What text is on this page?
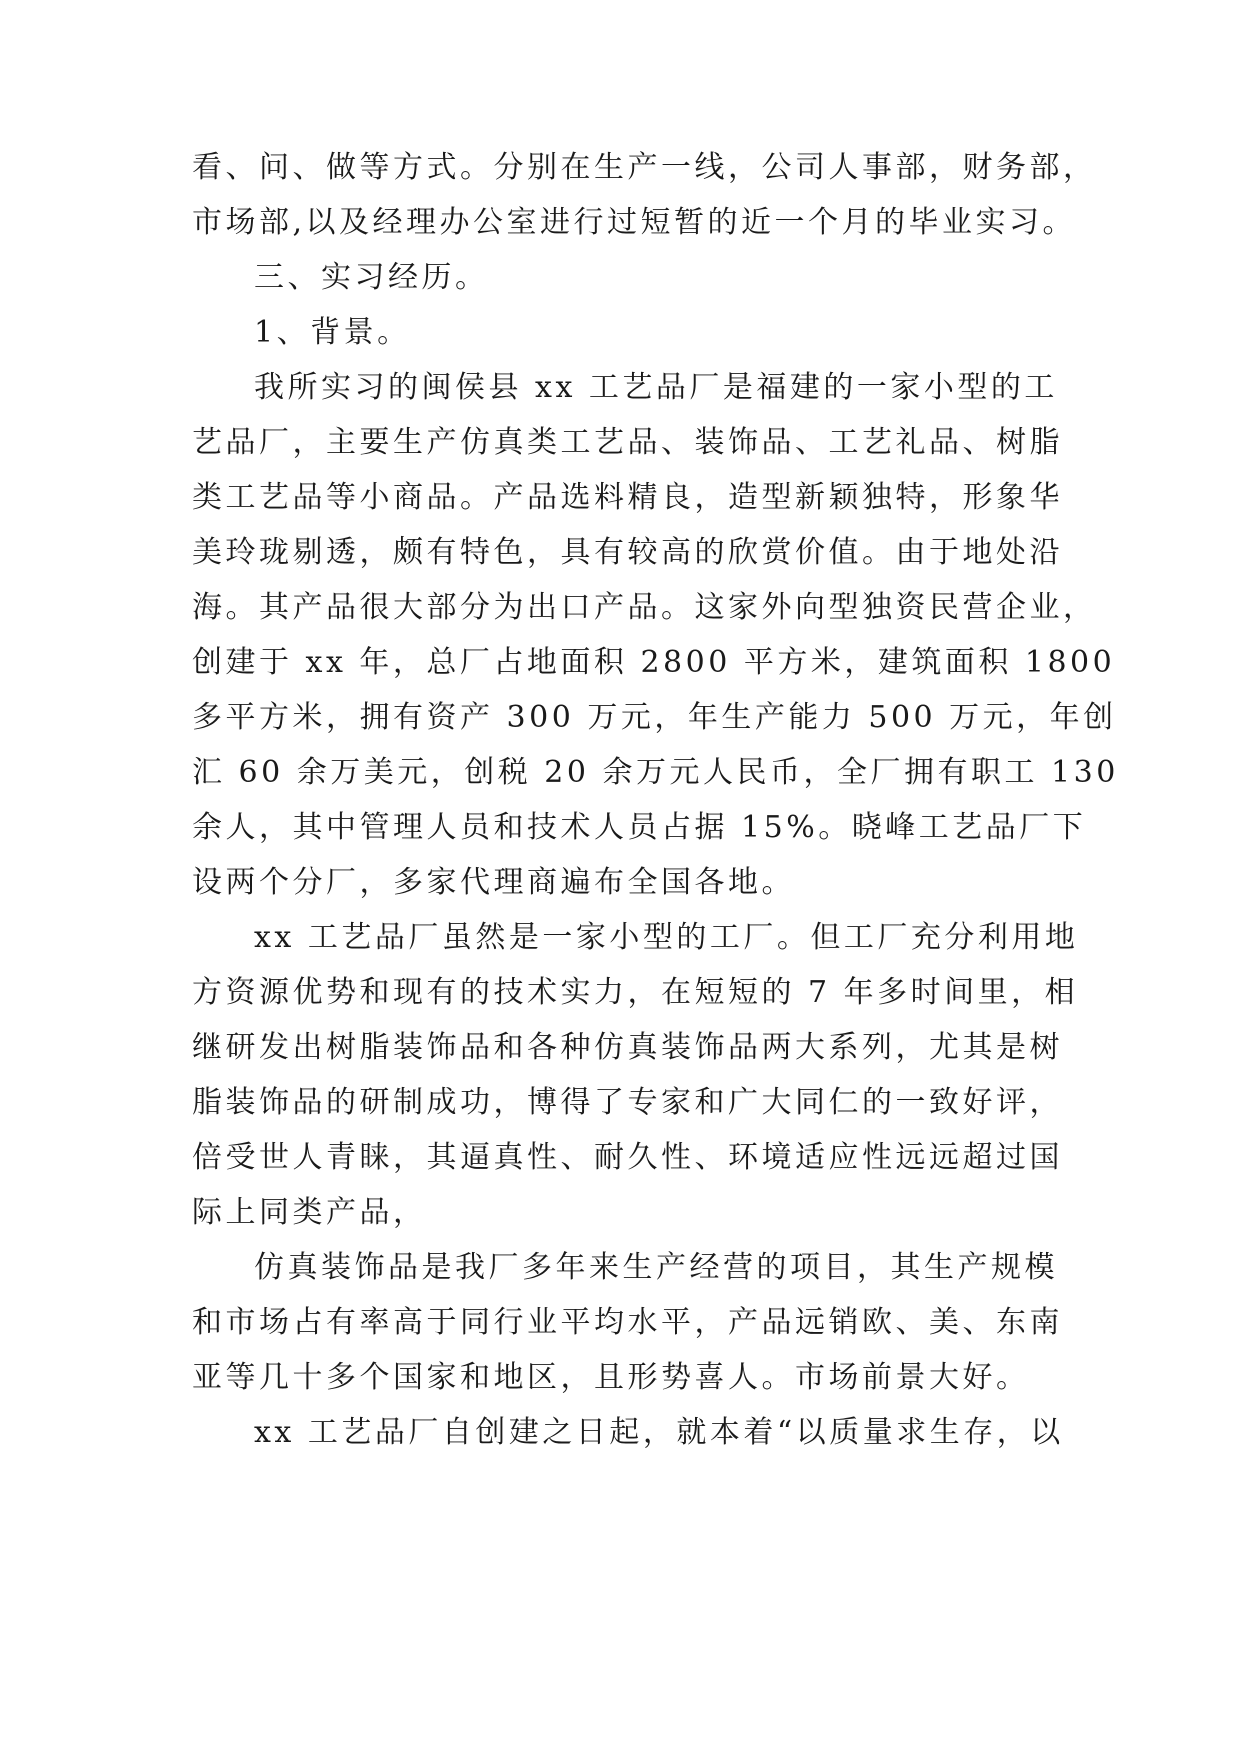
看、问、做等方式。分别在生产一线，公司人事部，财务部，
市场部,以及经理办公室进行过短暂的近一个月的毕业实习。
三、实习经历。
1、背景。
我所实习的闽侯县 xx 工艺品厂是福建的一家小型的工
艺品厂，主要生产仿真类工艺品、装饰品、工艺礼品、树脂
类工艺品等小商品。产品选料精良，造型新颖独特，形象华
美玲珑剔透，颇有特色，具有较高的欣赏价值。由于地处沿
海。其产品很大部分为出口产品。这家外向型独资民营企业，
创建于 xx 年，总厂占地面积 2800 平方米，建筑面积 1800
多平方米，拥有资产 300 万元，年生产能力 500 万元，年创
汇 60 余万美元，创税 20 余万元人民币，全厂拥有职工 130
余人，其中管理人员和技术人员占据 15%。晓峰工艺品厂下
设两个分厂，多家代理商遍布全国各地。
xx 工艺品厂虽然是一家小型的工厂。但工厂充分利用地
方资源优势和现有的技术实力，在短短的 7 年多时间里，相
继研发出树脂装饰品和各种仿真装饰品两大系列，尤其是树
脂装饰品的研制成功，博得了专家和广大同仁的一致好评，
倍受世人青睐，其逼真性、耐久性、环境适应性远远超过国
际上同类产品，
仿真装饰品是我厂多年来生产经营的项目，其生产规模
和市场占有率高于同行业平均水平，产品远销欧、美、东南
亚等几十多个国家和地区，且形势喜人。市场前景大好。
xx 工艺品厂自创建之日起，就本着“以质量求生存，以
